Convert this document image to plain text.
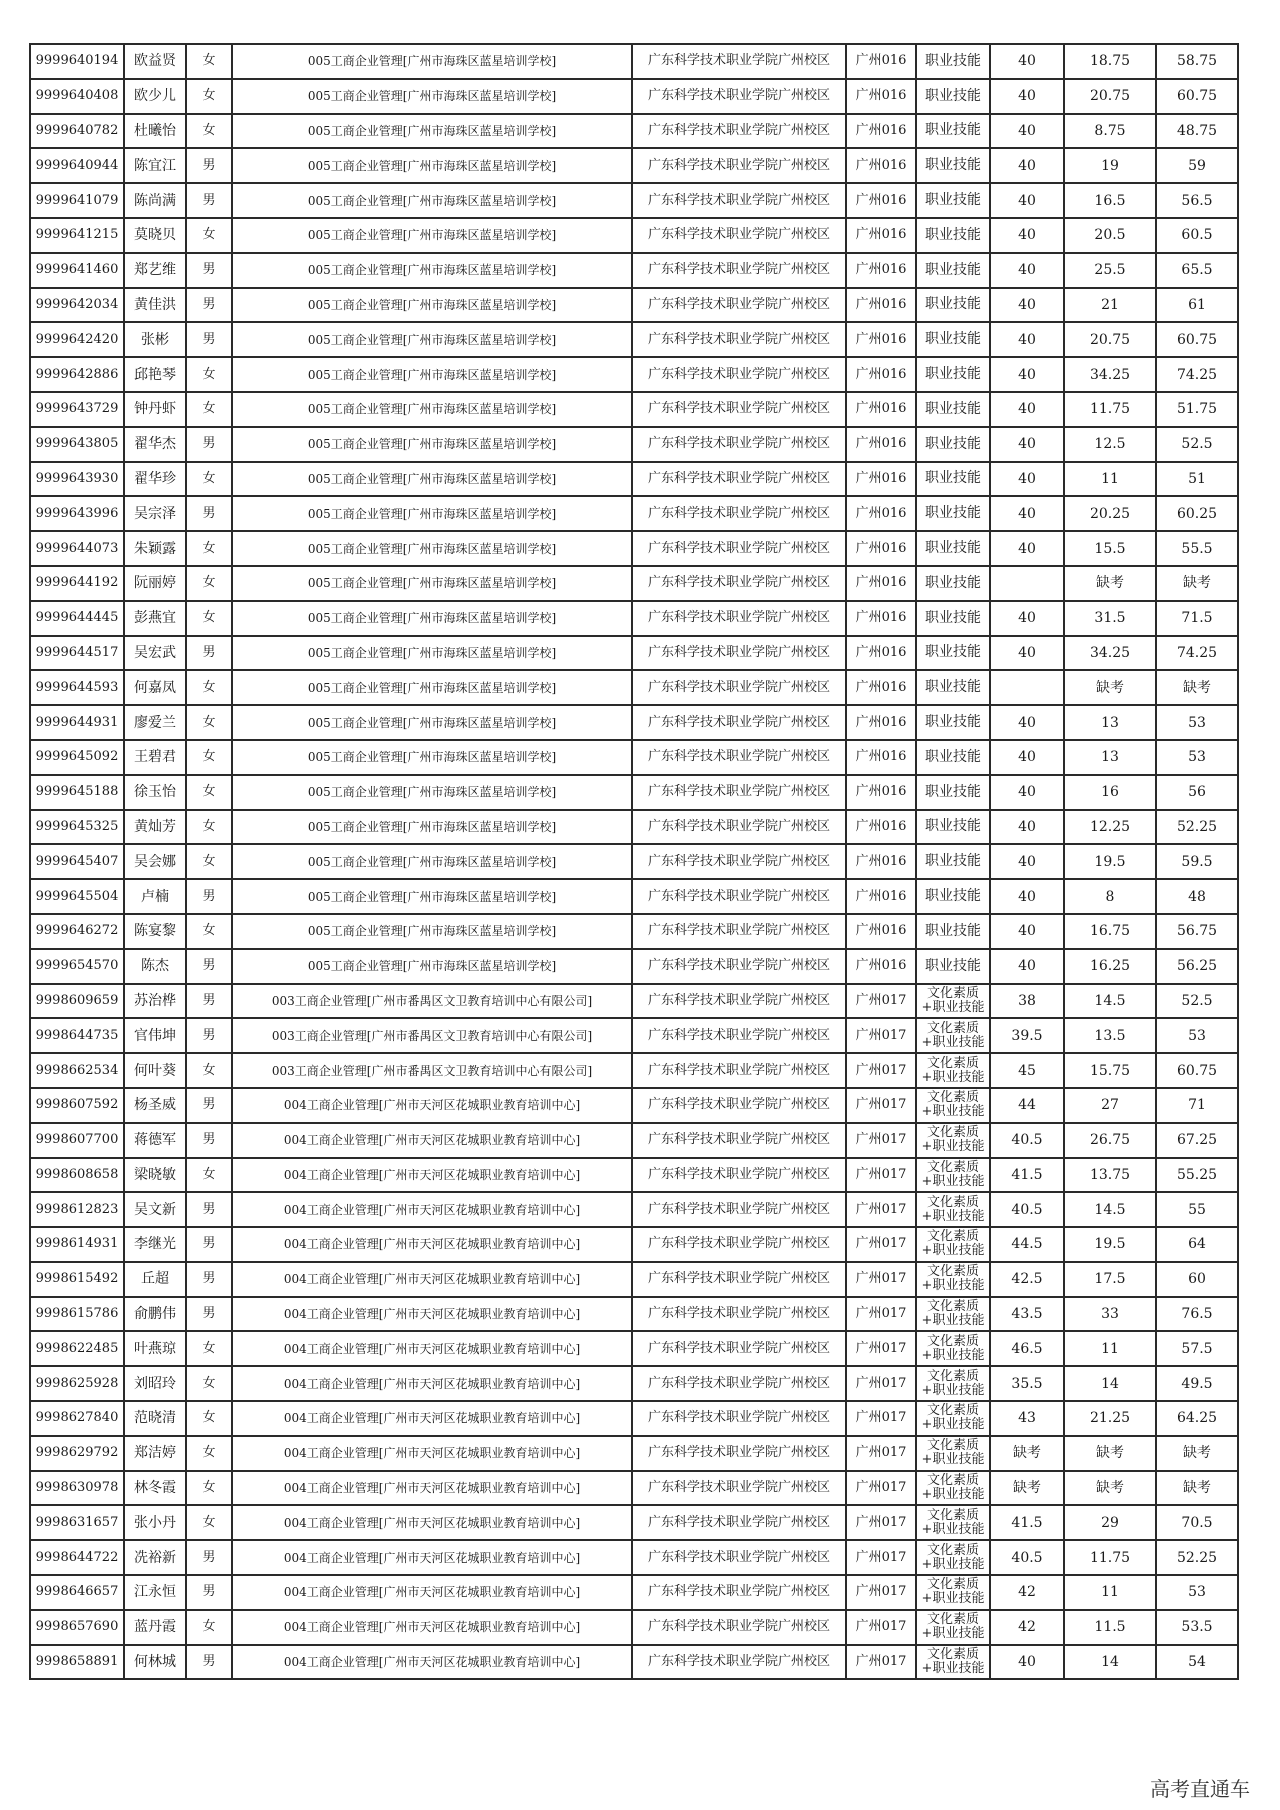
9999640194	欧益贤	女	005工商企业管理[广州市海珠区蓝星培训学校]	广东科学技术职业学院广州校区	广州016	职业技能	40	18.75	58.75
9999640408	欧少儿	女	005工商企业管理[广州市海珠区蓝星培训学校]	广东科学技术职业学院广州校区	广州016	职业技能	40	20.75	60.75
9999640782	杜曦怡	女	005工商企业管理[广州市海珠区蓝星培训学校]	广东科学技术职业学院广州校区	广州016	职业技能	40	8.75	48.75
9999640944	陈宜江	男	005工商企业管理[广州市海珠区蓝星培训学校]	广东科学技术职业学院广州校区	广州016	职业技能	40	19	59
9999641079	陈尚满	男	005工商企业管理[广州市海珠区蓝星培训学校]	广东科学技术职业学院广州校区	广州016	职业技能	40	16.5	56.5
9999641215	莫晓贝	女	005工商企业管理[广州市海珠区蓝星培训学校]	广东科学技术职业学院广州校区	广州016	职业技能	40	20.5	60.5
9999641460	郑艺维	男	005工商企业管理[广州市海珠区蓝星培训学校]	广东科学技术职业学院广州校区	广州016	职业技能	40	25.5	65.5
9999642034	黄佳洪	男	005工商企业管理[广州市海珠区蓝星培训学校]	广东科学技术职业学院广州校区	广州016	职业技能	40	21	61
9999642420	张彬	男	005工商企业管理[广州市海珠区蓝星培训学校]	广东科学技术职业学院广州校区	广州016	职业技能	40	20.75	60.75
9999642886	邱艳琴	女	005工商企业管理[广州市海珠区蓝星培训学校]	广东科学技术职业学院广州校区	广州016	职业技能	40	34.25	74.25
9999643729	钟丹虾	女	005工商企业管理[广州市海珠区蓝星培训学校]	广东科学技术职业学院广州校区	广州016	职业技能	40	11.75	51.75
9999643805	翟华杰	男	005工商企业管理[广州市海珠区蓝星培训学校]	广东科学技术职业学院广州校区	广州016	职业技能	40	12.5	52.5
9999643930	翟华珍	女	005工商企业管理[广州市海珠区蓝星培训学校]	广东科学技术职业学院广州校区	广州016	职业技能	40	11	51
9999643996	吴宗泽	男	005工商企业管理[广州市海珠区蓝星培训学校]	广东科学技术职业学院广州校区	广州016	职业技能	40	20.25	60.25
9999644073	朱颖露	女	005工商企业管理[广州市海珠区蓝星培训学校]	广东科学技术职业学院广州校区	广州016	职业技能	40	15.5	55.5
9999644192	阮丽婷	女	005工商企业管理[广州市海珠区蓝星培训学校]	广东科学技术职业学院广州校区	广州016	职业技能		缺考	缺考
9999644445	彭燕宜	女	005工商企业管理[广州市海珠区蓝星培训学校]	广东科学技术职业学院广州校区	广州016	职业技能	40	31.5	71.5
9999644517	吴宏武	男	005工商企业管理[广州市海珠区蓝星培训学校]	广东科学技术职业学院广州校区	广州016	职业技能	40	34.25	74.25
9999644593	何嘉凤	女	005工商企业管理[广州市海珠区蓝星培训学校]	广东科学技术职业学院广州校区	广州016	职业技能		缺考	缺考
9999644931	廖爱兰	女	005工商企业管理[广州市海珠区蓝星培训学校]	广东科学技术职业学院广州校区	广州016	职业技能	40	13	53
9999645092	王碧君	女	005工商企业管理[广州市海珠区蓝星培训学校]	广东科学技术职业学院广州校区	广州016	职业技能	40	13	53
9999645188	徐玉怡	女	005工商企业管理[广州市海珠区蓝星培训学校]	广东科学技术职业学院广州校区	广州016	职业技能	40	16	56
9999645325	黄灿芳	女	005工商企业管理[广州市海珠区蓝星培训学校]	广东科学技术职业学院广州校区	广州016	职业技能	40	12.25	52.25
9999645407	吴会娜	女	005工商企业管理[广州市海珠区蓝星培训学校]	广东科学技术职业学院广州校区	广州016	职业技能	40	19.5	59.5
9999645504	卢楠	男	005工商企业管理[广州市海珠区蓝星培训学校]	广东科学技术职业学院广州校区	广州016	职业技能	40	8	48
9999646272	陈宴黎	女	005工商企业管理[广州市海珠区蓝星培训学校]	广东科学技术职业学院广州校区	广州016	职业技能	40	16.75	56.75
9999654570	陈杰	男	005工商企业管理[广州市海珠区蓝星培训学校]	广东科学技术职业学院广州校区	广州016	职业技能	40	16.25	56.25
9998609659	苏治桦	男	003工商企业管理[广州市番禺区文卫教育培训中心有限公司]	广东科学技术职业学院广州校区	广州017	文化素质+职业技能	38	14.5	52.5
9998644735	官伟坤	男	003工商企业管理[广州市番禺区文卫教育培训中心有限公司]	广东科学技术职业学院广州校区	广州017	文化素质+职业技能	39.5	13.5	53
9998662534	何叶葵	女	003工商企业管理[广州市番禺区文卫教育培训中心有限公司]	广东科学技术职业学院广州校区	广州017	文化素质+职业技能	45	15.75	60.75
9998607592	杨圣威	男	004工商企业管理[广州市天河区花城职业教育培训中心]	广东科学技术职业学院广州校区	广州017	文化素质+职业技能	44	27	71
9998607700	蒋德军	男	004工商企业管理[广州市天河区花城职业教育培训中心]	广东科学技术职业学院广州校区	广州017	文化素质+职业技能	40.5	26.75	67.25
9998608658	梁晓敏	女	004工商企业管理[广州市天河区花城职业教育培训中心]	广东科学技术职业学院广州校区	广州017	文化素质+职业技能	41.5	13.75	55.25
9998612823	吴文新	男	004工商企业管理[广州市天河区花城职业教育培训中心]	广东科学技术职业学院广州校区	广州017	文化素质+职业技能	40.5	14.5	55
9998614931	李继光	男	004工商企业管理[广州市天河区花城职业教育培训中心]	广东科学技术职业学院广州校区	广州017	文化素质+职业技能	44.5	19.5	64
9998615492	丘超	男	004工商企业管理[广州市天河区花城职业教育培训中心]	广东科学技术职业学院广州校区	广州017	文化素质+职业技能	42.5	17.5	60
9998615786	俞鹏伟	男	004工商企业管理[广州市天河区花城职业教育培训中心]	广东科学技术职业学院广州校区	广州017	文化素质+职业技能	43.5	33	76.5
9998622485	叶燕琼	女	004工商企业管理[广州市天河区花城职业教育培训中心]	广东科学技术职业学院广州校区	广州017	文化素质+职业技能	46.5	11	57.5
9998625928	刘昭玲	女	004工商企业管理[广州市天河区花城职业教育培训中心]	广东科学技术职业学院广州校区	广州017	文化素质+职业技能	35.5	14	49.5
9998627840	范晓清	女	004工商企业管理[广州市天河区花城职业教育培训中心]	广东科学技术职业学院广州校区	广州017	文化素质+职业技能	43	21.25	64.25
9998629792	郑洁婷	女	004工商企业管理[广州市天河区花城职业教育培训中心]	广东科学技术职业学院广州校区	广州017	文化素质+职业技能	缺考	缺考	缺考
9998630978	林冬霞	女	004工商企业管理[广州市天河区花城职业教育培训中心]	广东科学技术职业学院广州校区	广州017	文化素质+职业技能	缺考	缺考	缺考
9998631657	张小丹	女	004工商企业管理[广州市天河区花城职业教育培训中心]	广东科学技术职业学院广州校区	广州017	文化素质+职业技能	41.5	29	70.5
9998644722	冼裕新	男	004工商企业管理[广州市天河区花城职业教育培训中心]	广东科学技术职业学院广州校区	广州017	文化素质+职业技能	40.5	11.75	52.25
9998646657	江永恒	男	004工商企业管理[广州市天河区花城职业教育培训中心]	广东科学技术职业学院广州校区	广州017	文化素质+职业技能	42	11	53
9998657690	蓝丹霞	女	004工商企业管理[广州市天河区花城职业教育培训中心]	广东科学技术职业学院广州校区	广州017	文化素质+职业技能	42	11.5	53.5
9998658891	何林城	男	004工商企业管理[广州市天河区花城职业教育培训中心]	广东科学技术职业学院广州校区	广州017	文化素质+职业技能	40	14	54
高考直通车
